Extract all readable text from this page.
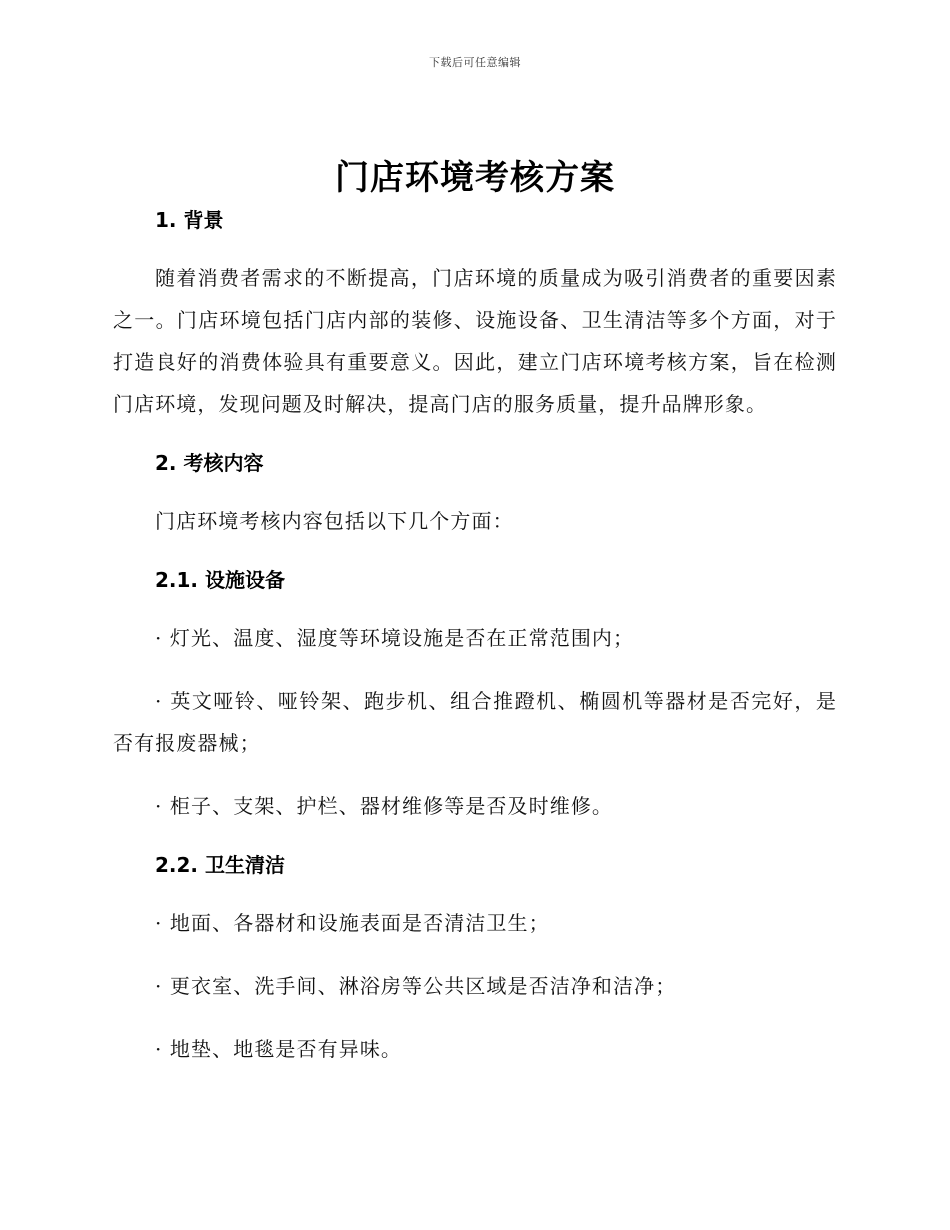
下载后可任意编辑
门店环境考核方案
1. 背景

随着消费者需求的不断提高，门店环境的质量成为吸引消费者的重要因素之一。门店环境包括门店内部的装修、设施设备、卫生清洁等多个方面，对于打造良好的消费体验具有重要意义。因此，建立门店环境考核方案，旨在检测门店环境，发现问题及时解决，提高门店的服务质量，提升品牌形象。

2. 考核内容

门店环境考核内容包括以下几个方面：

2.1. 设施设备

· 灯光、温度、湿度等环境设施是否在正常范围内；

· 英文哑铃、哑铃架、跑步机、组合推蹬机、椭圆机等器材是否完好，是否有报废器械；

· 柜子、支架、护栏、器材维修等是否及时维修。

2.2. 卫生清洁

· 地面、各器材和设施表面是否清洁卫生；

· 更衣室、洗手间、淋浴房等公共区域是否洁净和洁净；

· 地垫、地毯是否有异味。
